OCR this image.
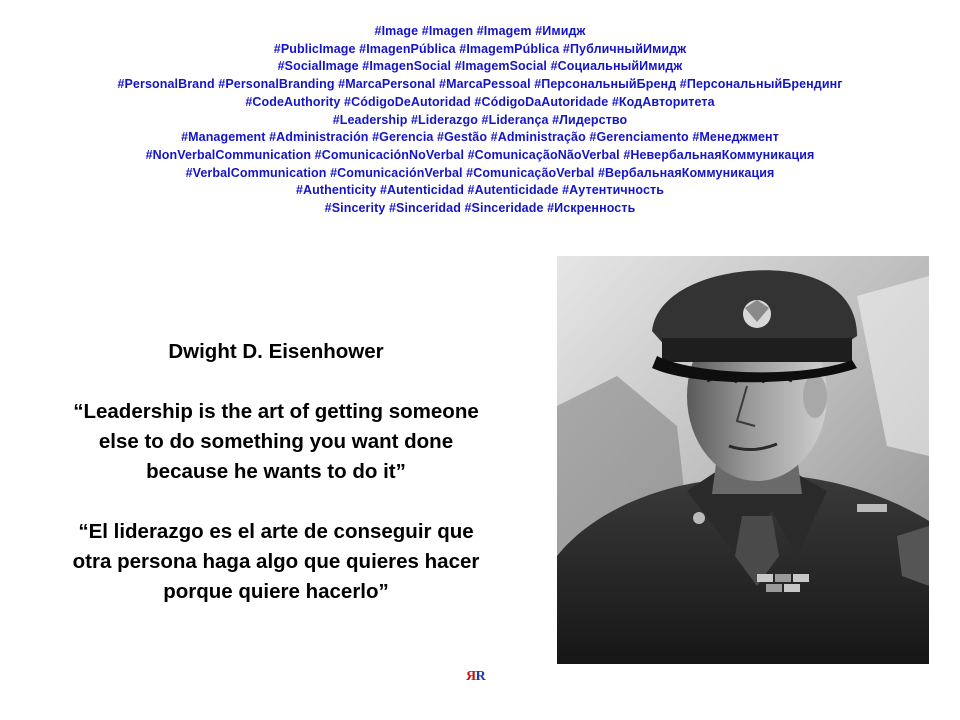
#Image #Imagen #Imagem #Имидж
#PublicImage #ImagenPública #ImagemPública #ПубличныйИмидж
#SocialImage #ImagenSocial #ImagemSocial #СоциальныйИмидж
#PersonalBrand #PersonalBranding #MarcaPersonal #MarcaPessoal #ПерсональныйБренд #ПерсональныйБрендинг
#CodeAuthority #CódigoDeAutoridad #CódigoDaAutoridade #КодАвторитета
#Leadership #Liderazgo #Liderança #Лидерство
#Management #Administración #Gerencia #Gestão #Administração #Gerenciamento #Менеджмент
#NonVerbalCommunication #ComunicaciónNoVerbal #ComunicaçãoNãoVerbal #НевербальнаяКоммуникация
#VerbalCommunication #ComunicaciónVerbal #ComunicaçãoVerbal #ВербальнаяКоммуникация
#Authenticity #Autenticidad #Autenticidade #Аутентичность
#Sincerity #Sinceridad #Sinceridade #Искренность
Dwight D. Eisenhower
“Leadership is the art of getting someone
else to do something you want done
because he wants to do it”
“El liderazgo es el arte de conseguir que
otra persona haga algo que quieres hacer
porque quiere hacerlo”
ЯR
